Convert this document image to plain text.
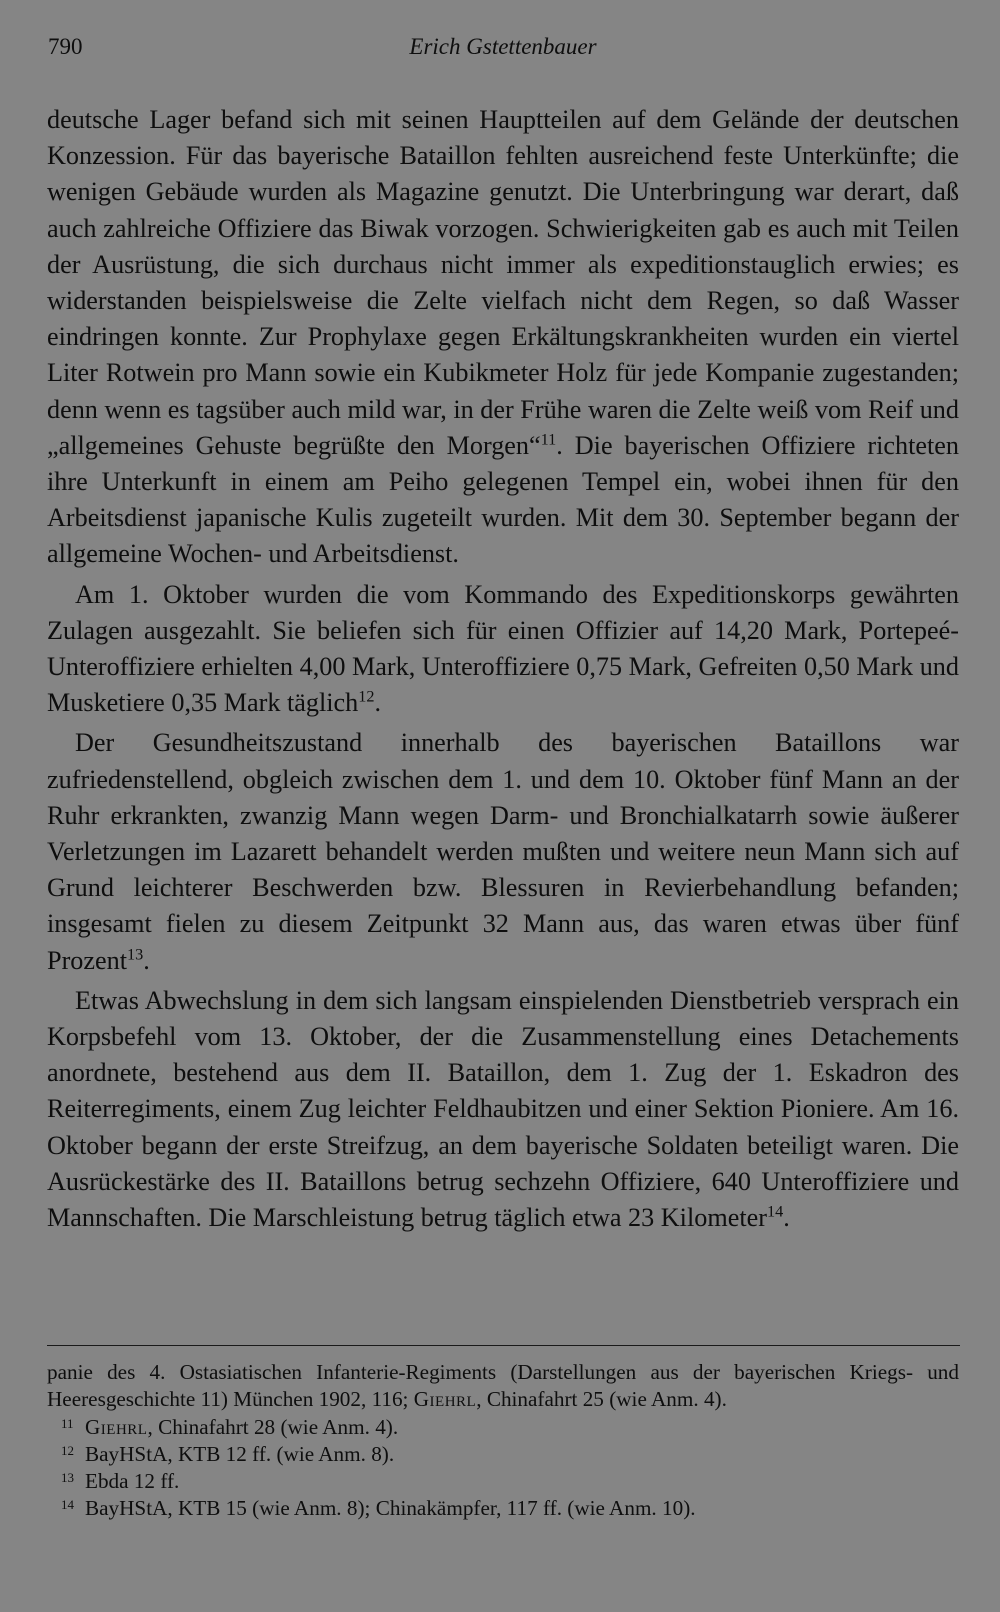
790	Erich Gstettenbauer

deutsche Lager befand sich mit seinen Hauptteilen auf dem Gelände der deutschen Konzession. Für das bayerische Bataillon fehlten ausreichend feste Unterkünfte; die wenigen Gebäude wurden als Magazine genutzt. Die Unterbringung war derart, daß auch zahlreiche Offiziere das Biwak vorzogen. Schwierigkeiten gab es auch mit Teilen der Ausrüstung, die sich durchaus nicht immer als expeditionstauglich erwies; es widerstanden beispielsweise die Zelte vielfach nicht dem Regen, so daß Wasser eindringen konnte. Zur Prophylaxe gegen Erkältungskrankheiten wurden ein viertel Liter Rotwein pro Mann sowie ein Kubikmeter Holz für jede Kompanie zugestanden; denn wenn es tagsüber auch mild war, in der Frühe waren die Zelte weiß vom Reif und „allgemeines Gehuste begrüßte den Morgen“$^{11}$. Die bayerischen Offiziere richteten ihre Unterkunft in einem am Peiho gelegenen Tempel ein, wobei ihnen für den Arbeitsdienst japanische Kulis zugeteilt wurden. Mit dem 30. September begann der allgemeine Wochen- und Arbeitsdienst.

Am 1. Oktober wurden die vom Kommando des Expeditionskorps gewährten Zulagen ausgezahlt. Sie beliefen sich für einen Offizier auf 14,20 Mark, Portepeé-Unteroffiziere erhielten 4,00 Mark, Unteroffiziere 0,75 Mark, Gefreiten 0,50 Mark und Musketiere 0,35 Mark täglich$^{12}$.

Der Gesundheitszustand innerhalb des bayerischen Bataillons war zufriedenstellend, obgleich zwischen dem 1. und dem 10. Oktober fünf Mann an der Ruhr erkrankten, zwanzig Mann wegen Darm- und Bronchialkatarrh sowie äußerer Verletzungen im Lazarett behandelt werden mußten und weitere neun Mann sich auf Grund leichterer Beschwerden bzw. Blessuren in Revierbehandlung befanden; insgesamt fielen zu diesem Zeitpunkt 32 Mann aus, das waren etwas über fünf Prozent$^{13}$.

Etwas Abwechslung in dem sich langsam einspielenden Dienstbetrieb versprach ein Korpsbefehl vom 13. Oktober, der die Zusammenstellung eines Detachements anordnete, bestehend aus dem II. Bataillon, dem 1. Zug der 1. Eskadron des Reiterregiments, einem Zug leichter Feldhaubitzen und einer Sektion Pioniere. Am 16. Oktober begann der erste Streifzug, an dem bayerische Soldaten beteiligt waren. Die Ausrückestärke des II. Bataillons betrug sechzehn Offiziere, 640 Unteroffiziere und Mannschaften. Die Marschleistung betrug täglich etwa 23 Kilometer$^{14}$.

panie des 4. Ostasiatischen Infanterie-Regiments (Darstellungen aus der bayerischen Kriegs- und Heeresgeschichte 11) München 1902, 116; Giehrl, Chinafahrt 25 (wie Anm. 4).

11 Giehrl, Chinafahrt 28 (wie Anm. 4).

12 BayHStA, KTB 12 ff. (wie Anm. 8).

13 Ebda 12 ff.

14 BayHStA, KTB 15 (wie Anm. 8); Chinakämpfer, 117 ff. (wie Anm. 10).
